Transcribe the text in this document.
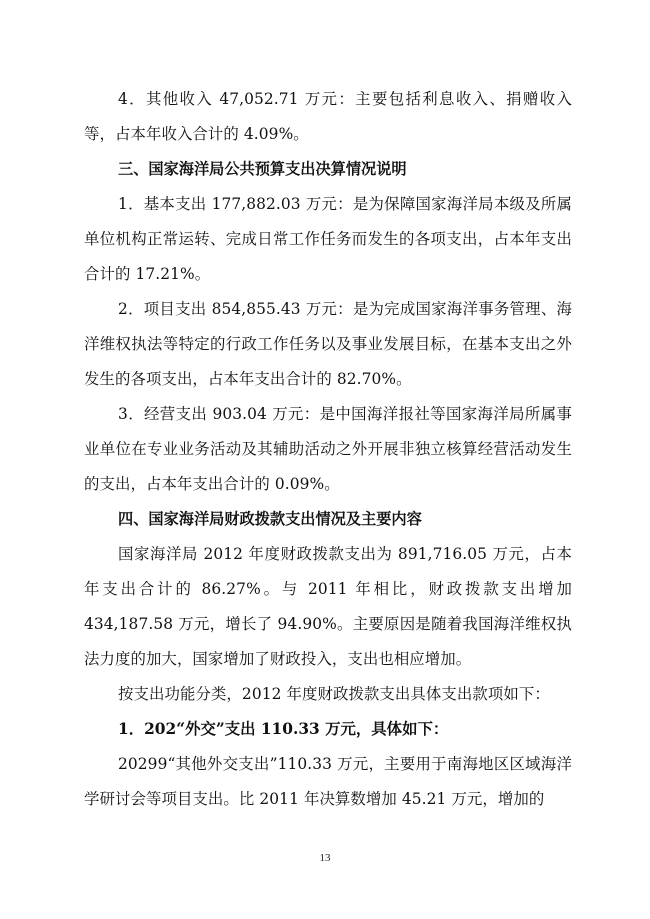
4．其他收入 47,052.71 万元：主要包括利息收入、捐赠收入等，占本年收入合计的 4.09%。

三、国家海洋局公共预算支出决算情况说明

1．基本支出 177,882.03 万元：是为保障国家海洋局本级及所属单位机构正常运转、完成日常工作任务而发生的各项支出，占本年支出合计的 17.21%。

2．项目支出 854,855.43 万元：是为完成国家海洋事务管理、海洋维权执法等特定的行政工作任务以及事业发展目标，在基本支出之外发生的各项支出，占本年支出合计的 82.70%。

3．经营支出 903.04 万元：是中国海洋报社等国家海洋局所属事业单位在专业业务活动及其辅助活动之外开展非独立核算经营活动发生的支出，占本年支出合计的 0.09%。

四、国家海洋局财政拨款支出情况及主要内容

国家海洋局 2012 年度财政拨款支出为 891,716.05 万元，占本年支出合计的 86.27%。与 2011 年相比，财政拨款支出增加 434,187.58 万元，增长了 94.90%。主要原因是随着我国海洋维权执法力度的加大，国家增加了财政投入，支出也相应增加。

按支出功能分类，2012 年度财政拨款支出具体支出款项如下：

1．202“外交”支出 110.33 万元，具体如下：

20299“其他外交支出”110.33 万元，主要用于南海地区区域海洋学研讨会等项目支出。比 2011 年决算数增加 45.21 万元，增加的

13
